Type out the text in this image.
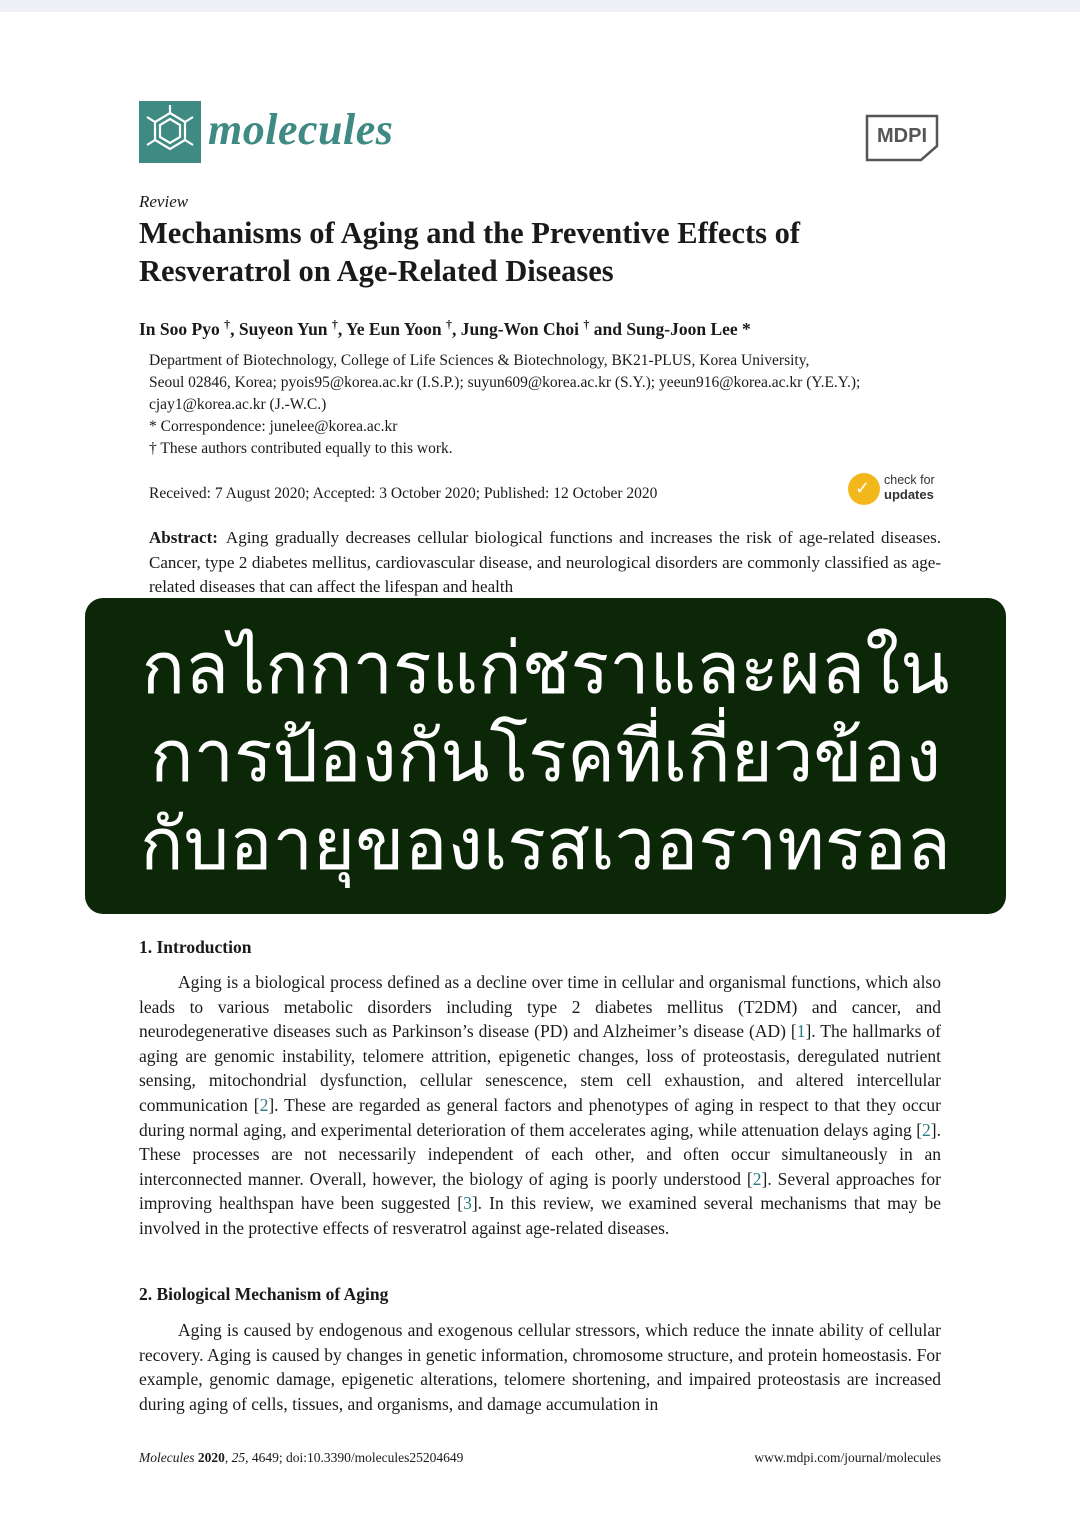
molecules	MDPI
Review
Mechanisms of Aging and the Preventive Effects of
Resveratrol on Age-Related Diseases
In Soo Pyo †, Suyeon Yun †, Ye Eun Yoon †, Jung-Won Choi † and Sung-Joon Lee *

Department of Biotechnology, College of Life Sciences & Biotechnology, BK21-PLUS, Korea University,

Seoul 02846, Korea; pyois95@korea.ac.kr (I.S.P.); suyun609@korea.ac.kr (S.Y.); yeeun916@korea.ac.kr (Y.E.Y.);

cjay1@korea.ac.kr (J.-W.C.)

* Correspondence: junelee@korea.ac.kr

† These authors contributed equally to this work.

Received: 7 August 2020; Accepted: 3 October 2020; Published: 12 October 2020	✓ check for
updates
Abstract: Aging gradually decreases cellular biological functions and increases the risk of age-related diseases. Cancer, type 2 diabetes mellitus, cardiovascular disease, and neurological disorders are commonly classified as age-related diseases that can affect the lifespan and health
กลไกการแก่ชราและผลใน
การป้องกันโรคที่เกี่ยวข้อง
กับอายุของเรสเวอราทรอล
1. Introduction

Aging is a biological process defined as a decline over time in cellular and organismal functions, which also leads to various metabolic disorders including type 2 diabetes mellitus (T2DM) and cancer, and neurodegenerative diseases such as Parkinson’s disease (PD) and Alzheimer’s disease (AD) [1]. The hallmarks of aging are genomic instability, telomere attrition, epigenetic changes, loss of proteostasis, deregulated nutrient sensing, mitochondrial dysfunction, cellular senescence, stem cell exhaustion, and altered intercellular communication [2]. These are regarded as general factors and phenotypes of aging in respect to that they occur during normal aging, and experimental deterioration of them accelerates aging, while attenuation delays aging [2]. These processes are not necessarily independent of each other, and often occur simultaneously in an interconnected manner. Overall, however, the biology of aging is poorly understood [2]. Several approaches for improving healthspan have been suggested [3]. In this review, we examined several mechanisms that may be involved in the protective effects of resveratrol against age-related diseases.

2. Biological Mechanism of Aging

Aging is caused by endogenous and exogenous cellular stressors, which reduce the innate ability of cellular recovery. Aging is caused by changes in genetic information, chromosome structure, and protein homeostasis. For example, genomic damage, epigenetic alterations, telomere shortening, and impaired proteostasis are increased during aging of cells, tissues, and organisms, and damage accumulation in

Molecules 2020, 25, 4649; doi:10.3390/molecules25204649	www.mdpi.com/journal/molecules
